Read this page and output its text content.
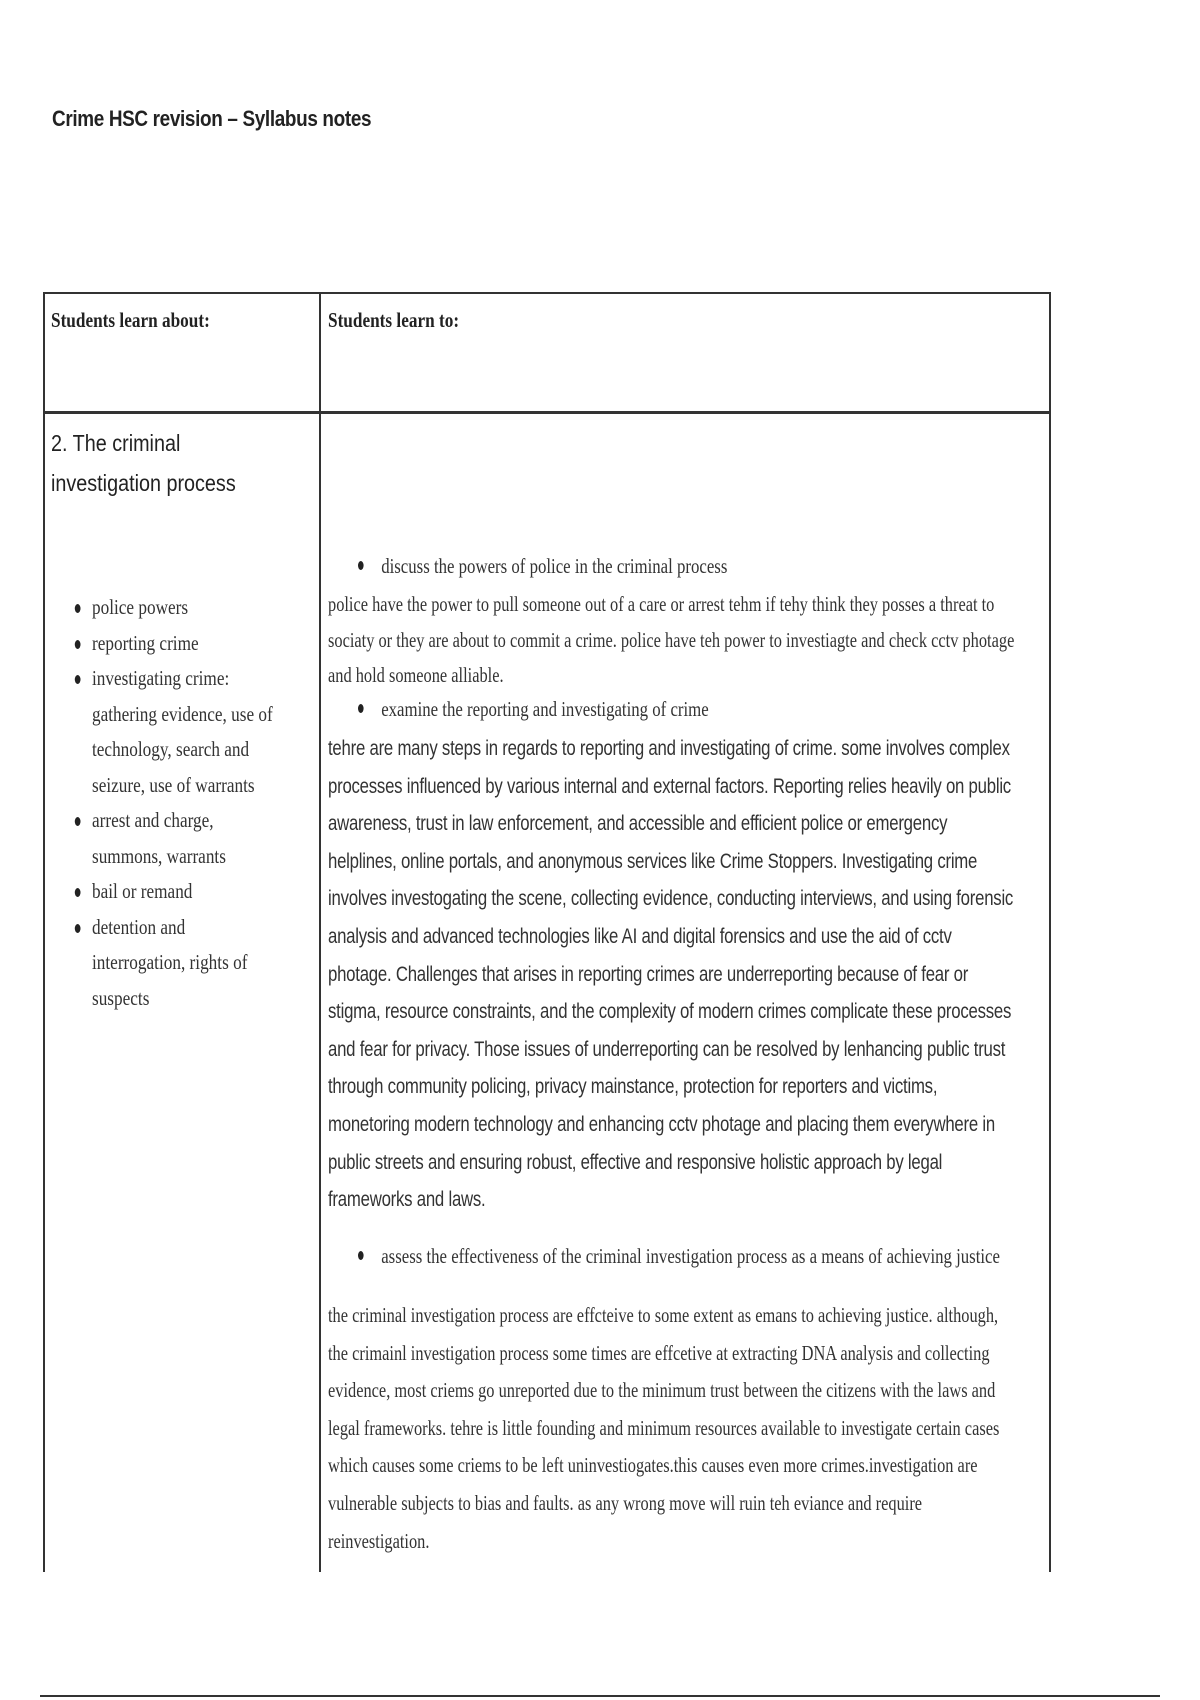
Crime HSC revision – Syllabus notes
Students learn about:	Students learn to:
2. The criminal investigation process
police powers
reporting crime
investigating crime: gathering evidence, use of technology, search and seizure, use of warrants
arrest and charge, summons, warrants
bail or remand
detention and interrogation, rights of suspects
discuss the powers of police in the criminal process

police have the power to pull someone out of a care or arrest tehm if tehy think they posses a threat to sociaty or they are about to commit a crime. police have teh power to investiagte and check cctv photage and hold someone alliable.

examine the reporting and investigating of crime

tehre are many steps in regards to reporting and investigating of crime. some involves complex processes influenced by various internal and external factors. Reporting relies heavily on public awareness, trust in law enforcement, and accessible and efficient police or emergency helplines, online portals, and anonymous services like Crime Stoppers. Investigating crime involves investogating the scene, collecting evidence, conducting interviews, and using forensic analysis and advanced technologies like AI and digital forensics and use the aid of cctv photage. Challenges that arises in reporting crimes are underreporting because of fear or stigma, resource constraints, and the complexity of modern crimes complicate these processes and fear for privacy. Those issues of underreporting can be resolved by lenhancing public trust through community policing, privacy mainstance, protection for reporters and victims, monetoring modern technology and enhancing cctv photage and placing them everywhere in public streets and ensuring robust, effective and responsive holistic approach by legal frameworks and laws.

assess the effectiveness of the criminal investigation process as a means of achieving justice

the criminal investigation process are effcteive to some extent as emans to achieving justice. although, the crimainl investigation process some times are effcetive at extracting DNA analysis and collecting evidence, most criems go unreported due to the minimum trust between the citizens with the laws and legal frameworks. tehre is little founding and minimum resources available to investigate certain cases which causes some criems to be left uninvestiogates.this causes even more crimes.investigation are vulnerable subjects to bias and faults. as any wrong move will ruin teh eviance and require reinvestigation.
